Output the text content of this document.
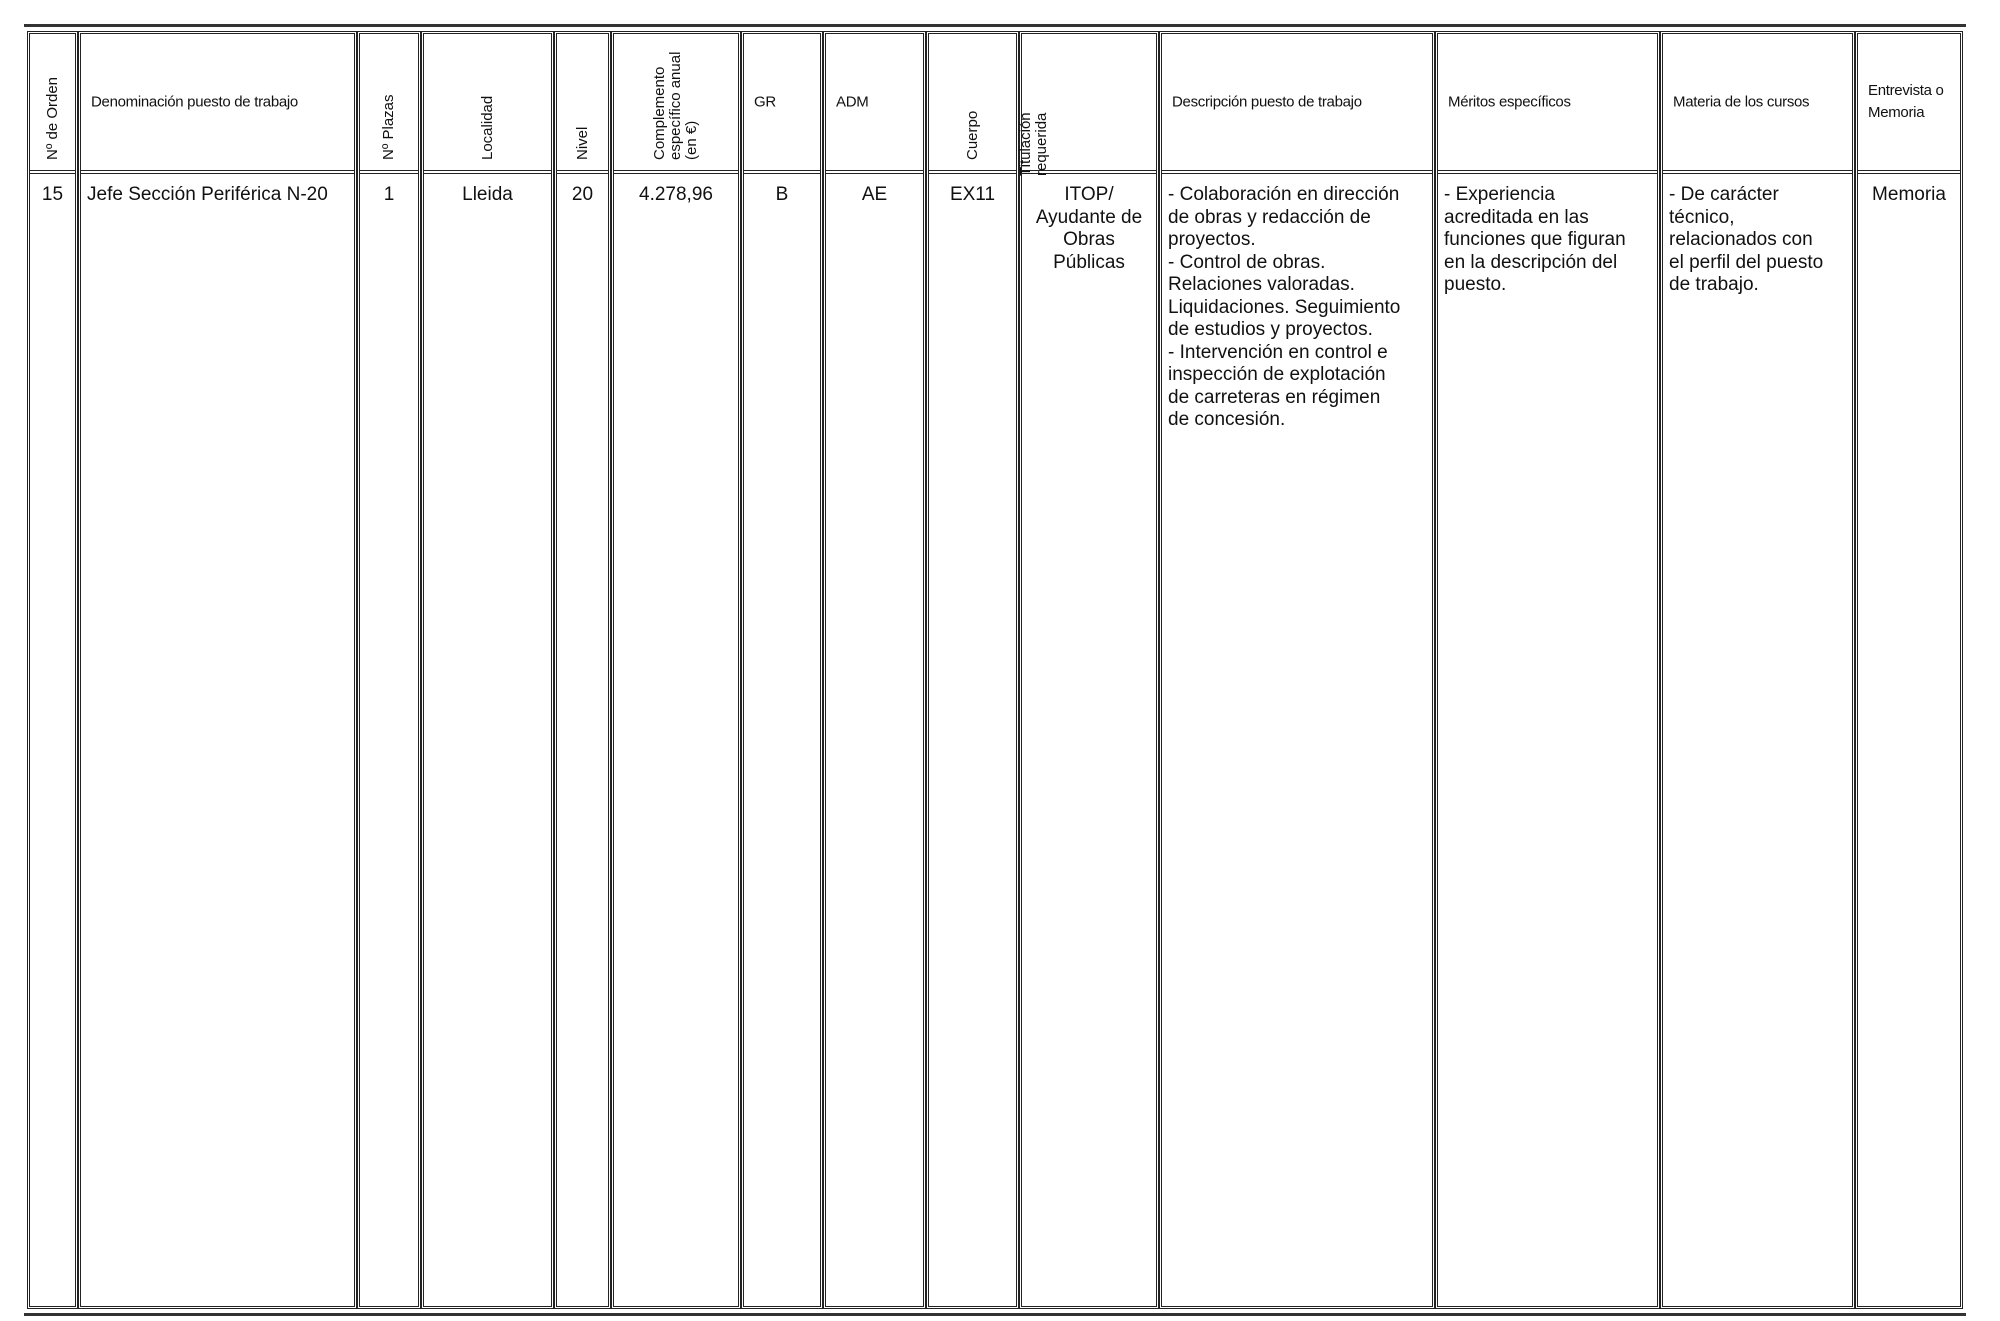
Nº de Orden
15
Denominación puesto de trabajo
Jefe Sección Periférica N-20
Nº Plazas
1
Localidad
Lleida
Nivel
20
Complemento específico anual (en €)
4.278,96
GR
B
ADM
AE
Cuerpo
EX11
Titulación requerida
ITOP/
Ayudante de
Obras
Públicas
Descripción puesto de trabajo
- Colaboración en dirección
de obras y redacción de
proyectos.
- Control de obras.
Relaciones valoradas.
Liquidaciones. Seguimiento
de estudios y proyectos.
- Intervención en control e
inspección de explotación
de carreteras en régimen
de concesión.
Méritos específicos
- Experiencia
acreditada en las
funciones que figuran
en la descripción del
puesto.
Materia de los cursos
- De carácter
técnico,
relacionados con
el perfil del puesto
de trabajo.
Entrevista o Memoria
Memoria
